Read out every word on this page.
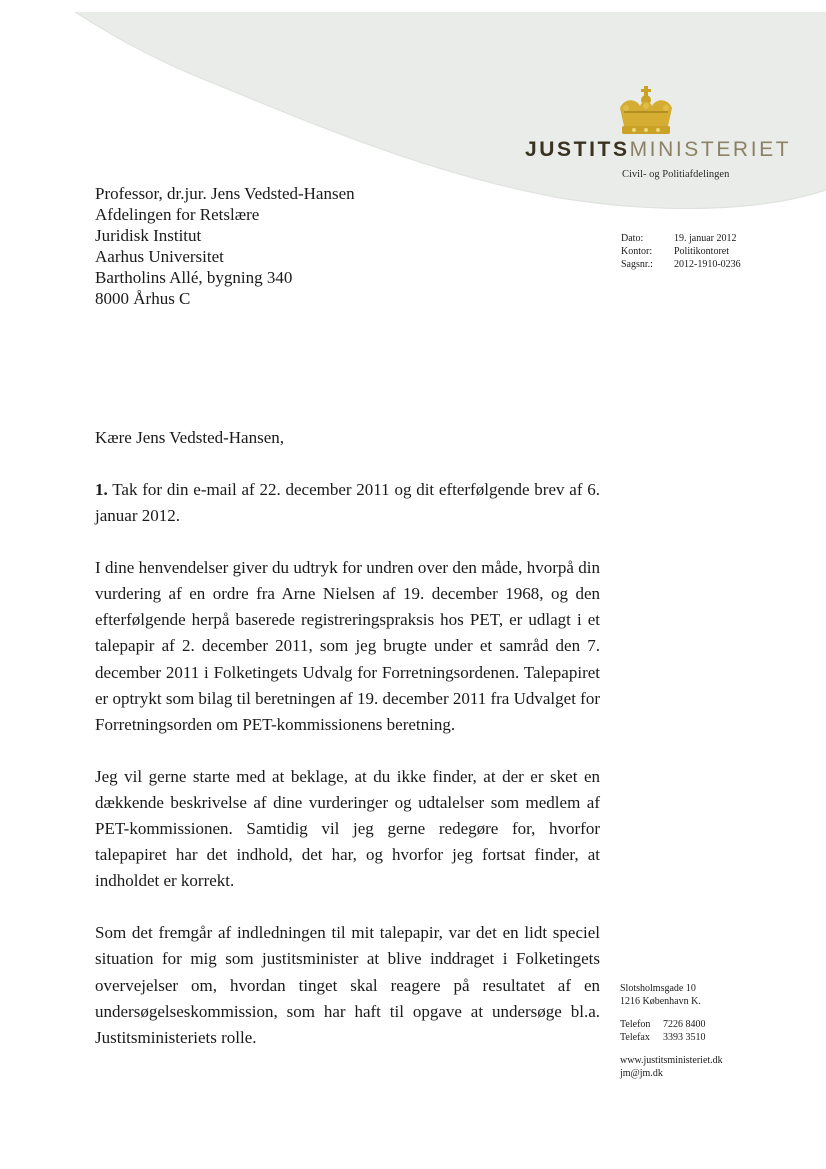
JUSTITSMINISTERIET
Civil- og Politiafdelingen
Professor, dr.jur. Jens Vedsted-Hansen
Afdelingen for Retslære
Juridisk Institut
Aarhus Universitet
Bartholins Allé, bygning 340
8000 Århus C
Dato:	19. januar 2012
Kontor:	Politikontoret
Sagsnr.:	2012-1910-0236
Kære Jens Vedsted-Hansen,

1. Tak for din e-mail af 22. december 2011 og dit efterfølgende brev af 6. januar 2012.

I dine henvendelser giver du udtryk for undren over den måde, hvorpå din vurdering af en ordre fra Arne Nielsen af 19. december 1968, og den efterfølgende herpå baserede registreringspraksis hos PET, er udlagt i et talepapir af 2. december 2011, som jeg brugte under et samråd den 7. december 2011 i Folketingets Udvalg for Forretningsordenen. Talepapiret er optrykt som bilag til beretningen af 19. december 2011 fra Udvalget for Forretningsorden om PET-kommissionens beretning.

Jeg vil gerne starte med at beklage, at du ikke finder, at der er sket en dækkende beskrivelse af dine vurderinger og udtalelser som medlem af PET-kommissionen. Samtidig vil jeg gerne redegøre for, hvorfor talepapiret har det indhold, det har, og hvorfor jeg fortsat finder, at indholdet er korrekt.

Som det fremgår af indledningen til mit talepapir, var det en lidt speciel situation for mig som justitsminister at blive inddraget i Folketingets overvejelser om, hvordan tinget skal reagere på resultatet af en undersøgelseskommission, som har haft til opgave at undersøge bl.a. Justitsministeriets rolle.

Slotsholmsgade 10
1216 København K.
Telefon	7226 8400
Telefax	3393 3510
www.justitsministeriet.dk
jm@jm.dk
